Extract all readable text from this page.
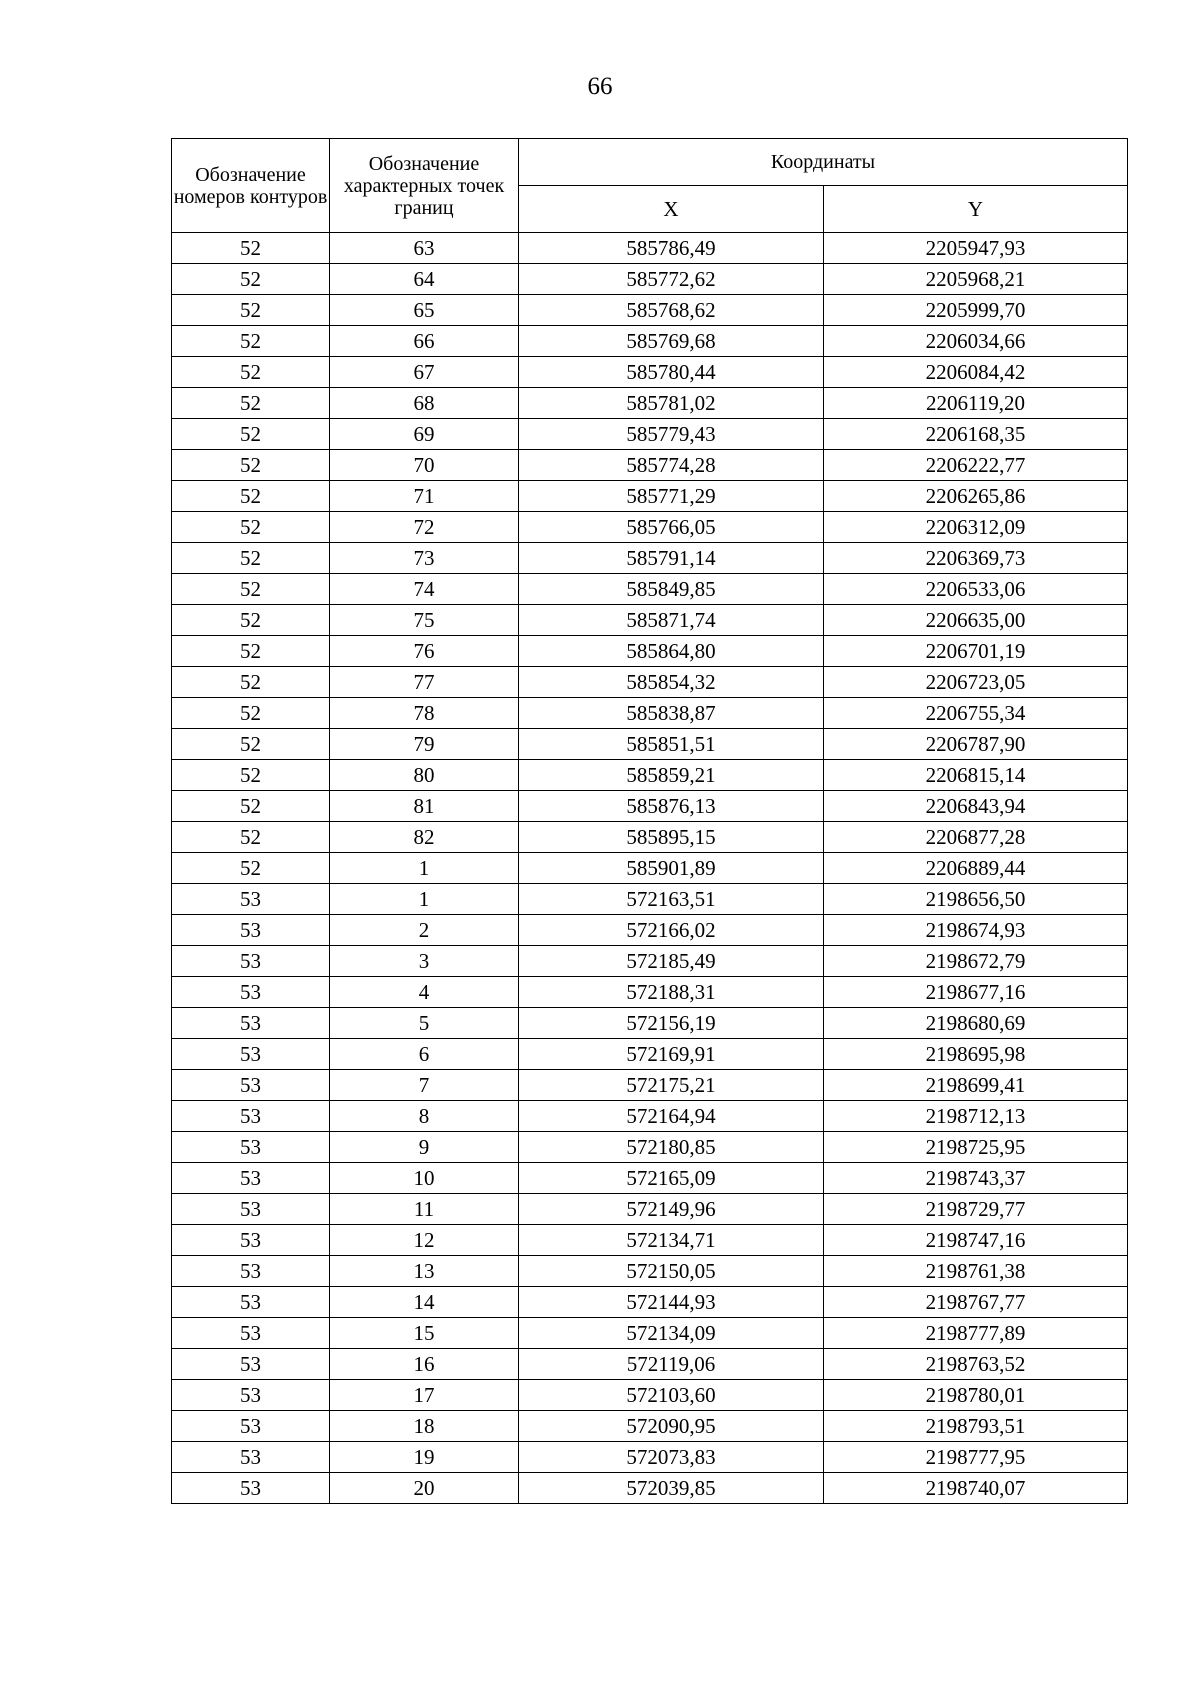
66
Обозначение номеров контуров	Обозначение характерных точек границ	Координаты	
		X	Y
52	63	585786,49	2205947,93
52	64	585772,62	2205968,21
52	65	585768,62	2205999,70
52	66	585769,68	2206034,66
52	67	585780,44	2206084,42
52	68	585781,02	2206119,20
52	69	585779,43	2206168,35
52	70	585774,28	2206222,77
52	71	585771,29	2206265,86
52	72	585766,05	2206312,09
52	73	585791,14	2206369,73
52	74	585849,85	2206533,06
52	75	585871,74	2206635,00
52	76	585864,80	2206701,19
52	77	585854,32	2206723,05
52	78	585838,87	2206755,34
52	79	585851,51	2206787,90
52	80	585859,21	2206815,14
52	81	585876,13	2206843,94
52	82	585895,15	2206877,28
52	1	585901,89	2206889,44
53	1	572163,51	2198656,50
53	2	572166,02	2198674,93
53	3	572185,49	2198672,79
53	4	572188,31	2198677,16
53	5	572156,19	2198680,69
53	6	572169,91	2198695,98
53	7	572175,21	2198699,41
53	8	572164,94	2198712,13
53	9	572180,85	2198725,95
53	10	572165,09	2198743,37
53	11	572149,96	2198729,77
53	12	572134,71	2198747,16
53	13	572150,05	2198761,38
53	14	572144,93	2198767,77
53	15	572134,09	2198777,89
53	16	572119,06	2198763,52
53	17	572103,60	2198780,01
53	18	572090,95	2198793,51
53	19	572073,83	2198777,95
53	20	572039,85	2198740,07
